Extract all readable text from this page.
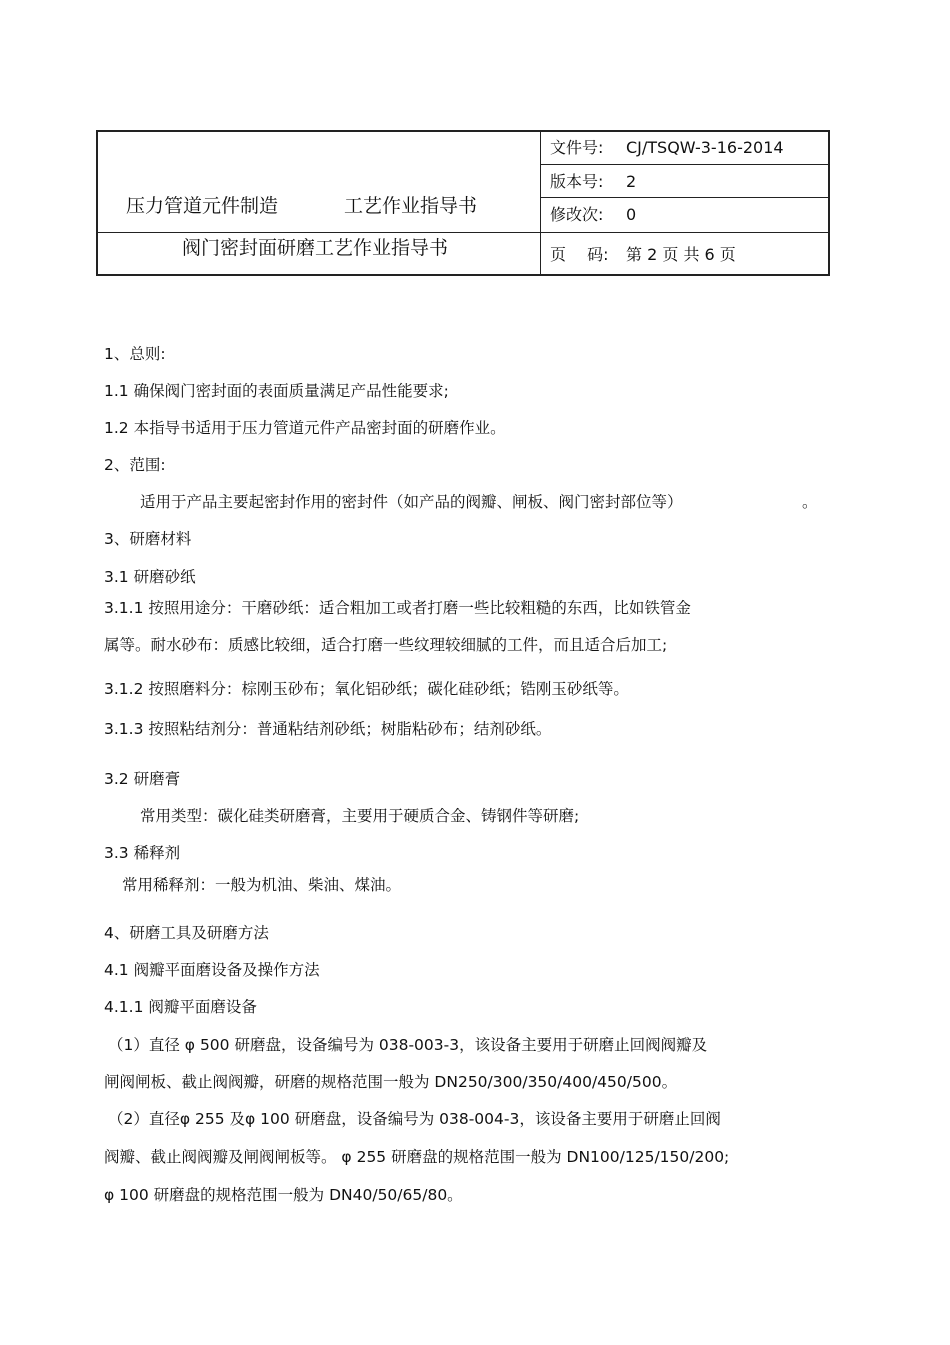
压力管道元件制造	工艺作业指导书
阀门密封面研磨工艺作业指导书
文件号: CJ/TSQW-3-16-2014
版本号: 2
修改次: 0
页　 码: 第 2 页 共 6 页
1、总则:
1.1 确保阀门密封面的表面质量满足产品性能要求;
1.2 本指导书适用于压力管道元件产品密封面的研磨作业。
2、范围:
适用于产品主要起密封作用的密封件（如产品的阀瓣、闸板、阀门密封部位等）	。
3、研磨材料
3.1 研磨砂纸
3.1.1 按照用途分：干磨砂纸：适合粗加工或者打磨一些比较粗糙的东西，比如铁管金
属等。耐水砂布：质感比较细，适合打磨一些纹理较细腻的工件，而且适合后加工;
3.1.2 按照磨料分：棕刚玉砂布；氧化铝砂纸；碳化硅砂纸；锆刚玉砂纸等。
3.1.3 按照粘结剂分：普通粘结剂砂纸；树脂粘砂布；结剂砂纸。
3.2 研磨膏
常用类型：碳化硅类研磨膏，主要用于硬质合金、铸钢件等研磨;
3.3 稀释剂
常用稀释剂：一般为机油、柴油、煤油。
4、研磨工具及研磨方法
4.1 阀瓣平面磨设备及操作方法
4.1.1 阀瓣平面磨设备
（1）直径 φ 500 研磨盘，设备编号为 038-003-3，该设备主要用于研磨止回阀阀瓣及
闸阀闸板、截止阀阀瓣，研磨的规格范围一般为 DN250/300/350/400/450/500。
（2）直径φ 255 及φ 100 研磨盘，设备编号为 038-004-3，该设备主要用于研磨止回阀
阀瓣、截止阀阀瓣及闸阀闸板等。 φ 255 研磨盘的规格范围一般为 DN100/125/150/200;
φ 100 研磨盘的规格范围一般为 DN40/50/65/80。
